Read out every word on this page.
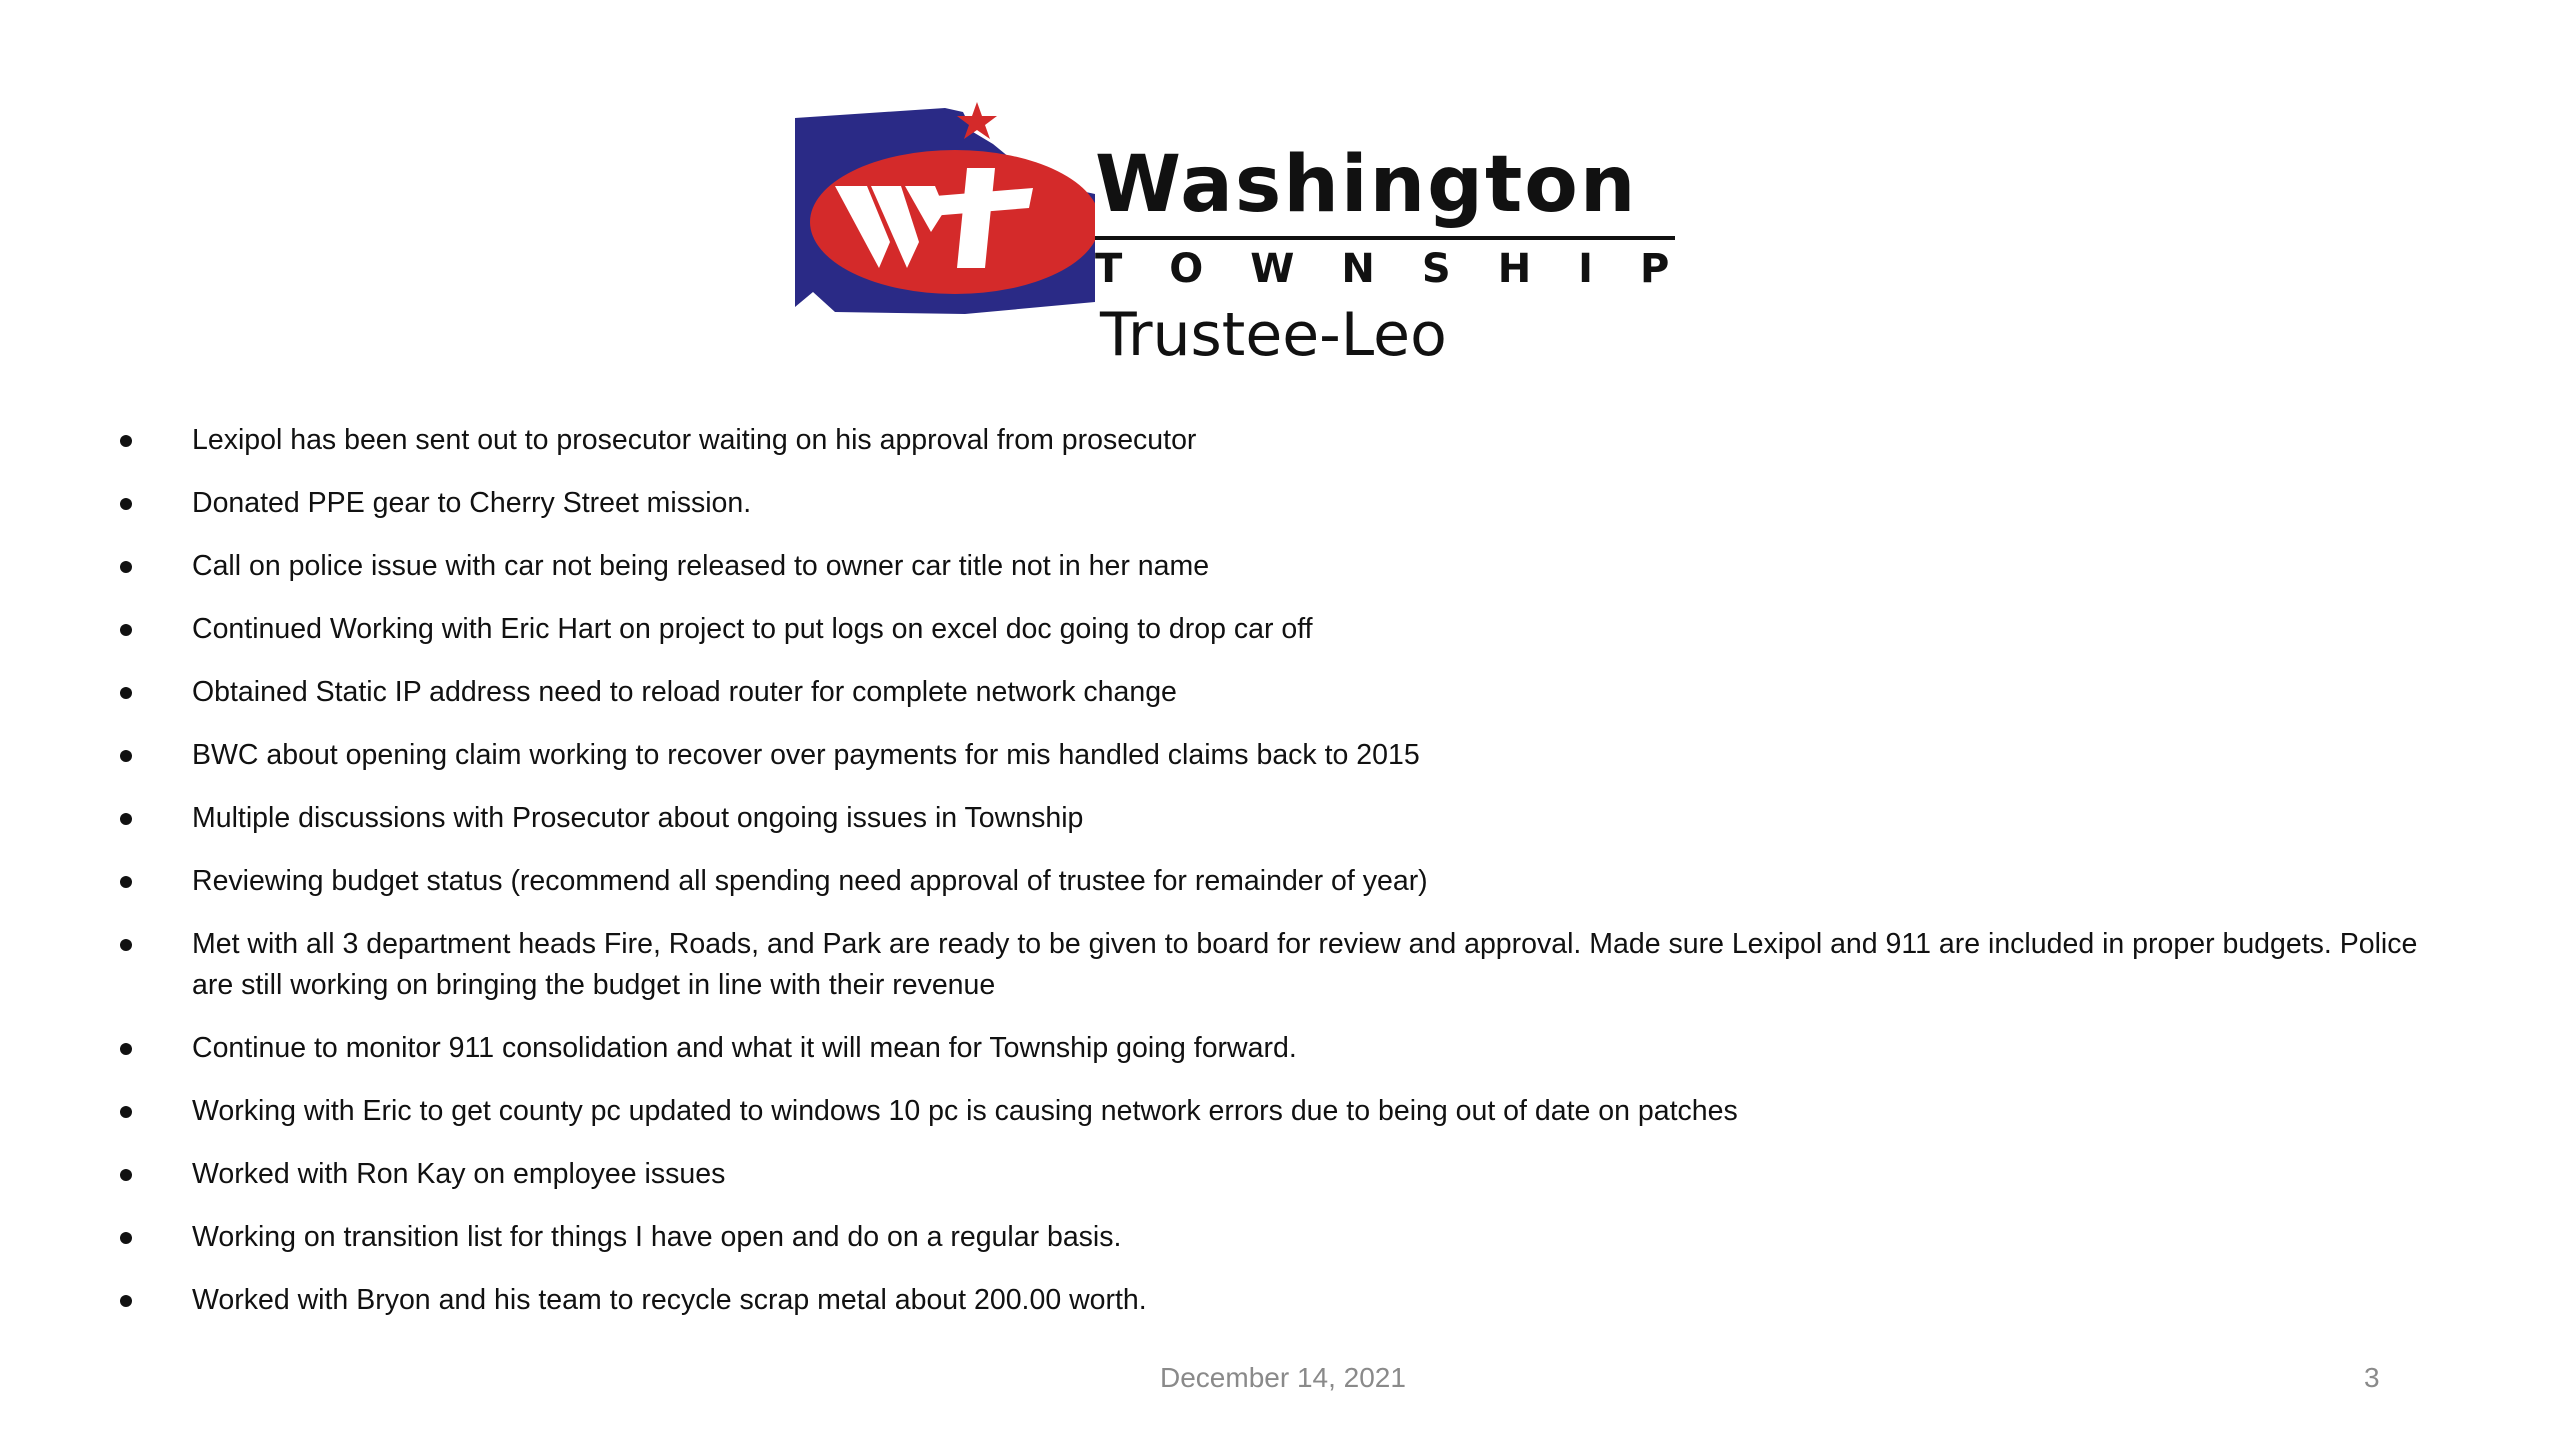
Washington
TOWNSHIP
Trustee-Leo
Lexipol has been sent out to prosecutor waiting on his approval from prosecutor
Donated PPE gear to Cherry Street mission.
Call on police issue with car not being released to owner car title not in her name
Continued Working with Eric Hart on project to put logs on excel doc going to drop car off
Obtained Static IP address need to reload router for complete network change
BWC about opening claim working to recover over payments for mis handled claims back to 2015
Multiple discussions with Prosecutor about ongoing issues in Township
Reviewing budget status (recommend all spending need approval of trustee for remainder of year)
Met with all 3 department heads Fire, Roads, and Park are ready to be given to board for review and approval. Made sure Lexipol and 911 are included in proper budgets. Police are still working on bringing the budget in line with their revenue
Continue to monitor 911 consolidation and what it will mean for Township going forward.
Working with Eric to get county pc updated to windows 10 pc is causing network errors due to being out of date on patches
Worked with Ron Kay on employee issues
Working on transition list for things I have open and do on a regular basis.
Worked with Bryon and his team to recycle scrap metal about 200.00 worth.
December 14, 2021	3
